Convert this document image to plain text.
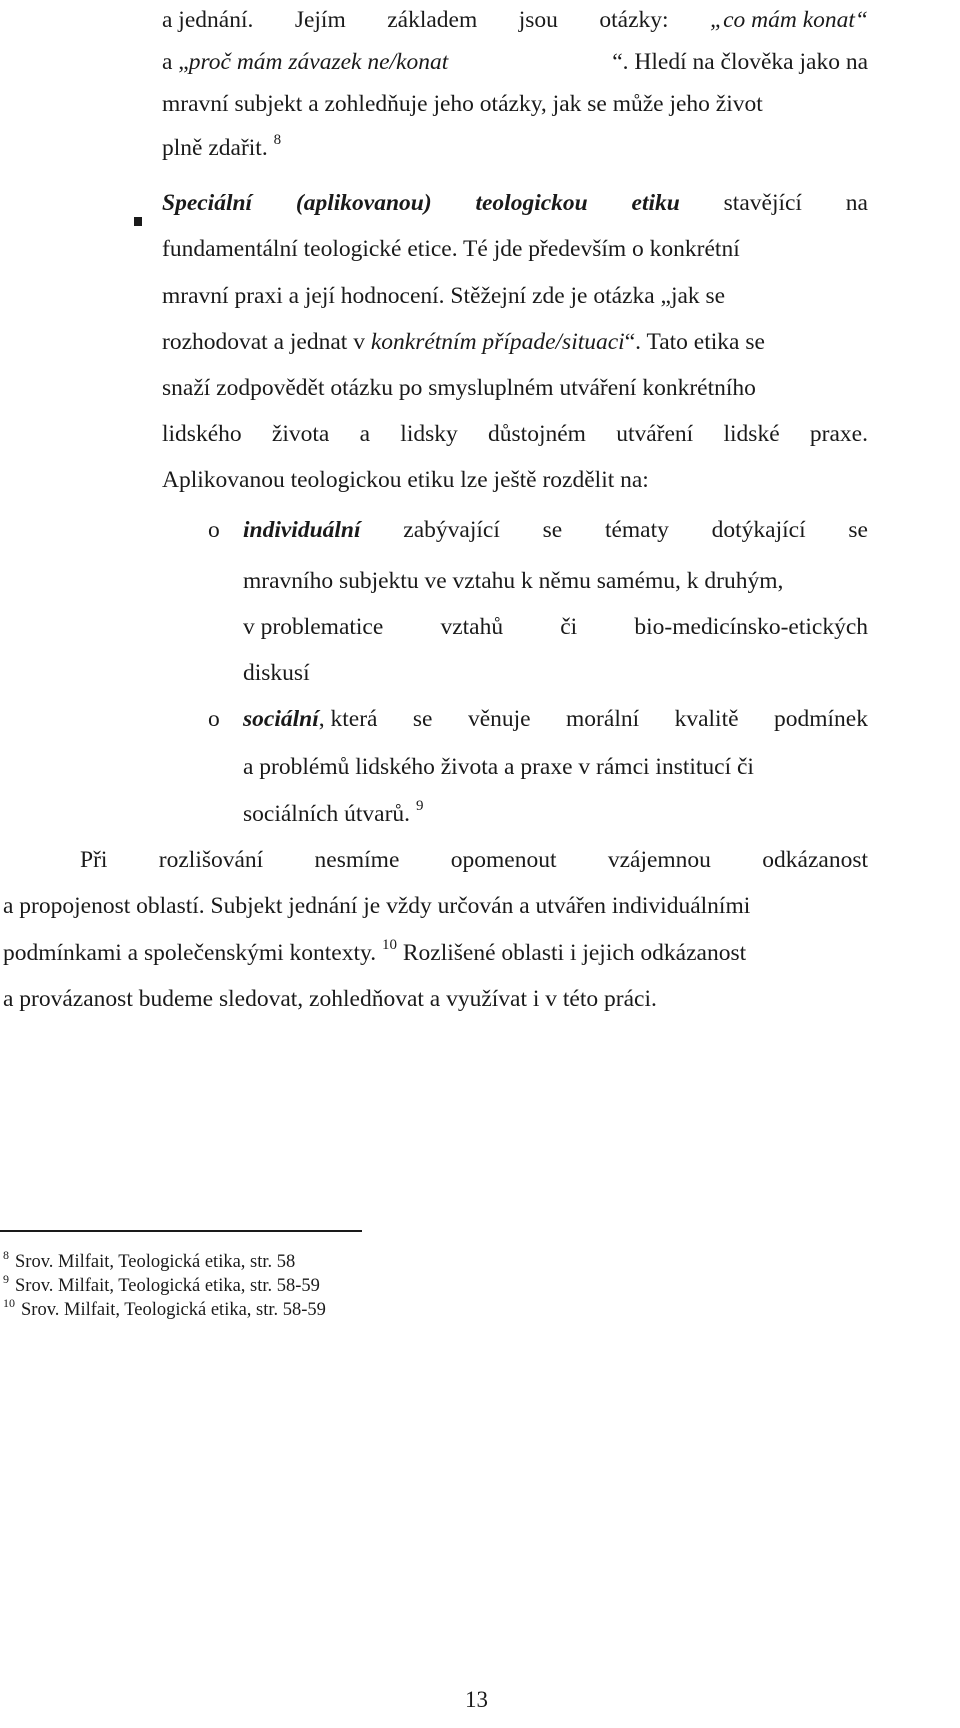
a jednání. Jejím základem jsou otázky: „co mám konat“
a „proč mám závazek ne/konat	“. Hledí na člověka jako na
mravní subjekt a zohledňuje jeho otázky, jak se může jeho život
plně zdařit. $^8$
Speciální (aplikovanou) teologickou etiku stavějící na
fundamentální teologické etice. Té jde především o konkrétní
mravní praxi a její hodnocení. Stěžejní zde je otázka „jak se
rozhodovat a jednat v konkrétním případe/situaci“. Tato etika se
snaží zodpovědět otázku po smysluplném utváření konkrétního
lidského života a lidsky důstojném utváření lidské praxe.
Aplikovanou teologickou etiku lze ještě rozdělit na:
o individuální zabývající se tématy dotýkající se
mravního subjektu ve vztahu k němu samému, k druhým,
v problematice vztahů či bio-medicínsko-etických
diskusí
o sociální, která se věnuje morální kvalitě podmínek
a problémů lidského života a praxe v rámci institucí či
sociálních útvarů. $^9$
Při rozlišování nesmíme opomenout vzájemnou odkázanost
a propojenost oblastí. Subjekt jednání je vždy určován a utvářen individuálními
podmínkami a společenskými kontexty. $^{10}$ Rozlišené oblasti i jejich odkázanost
a provázanost budeme sledovat, zohledňovat a využívat i v této práci.
$^8$ Srov. Milfait, Teologická etika, str. 58
$^9$ Srov. Milfait, Teologická etika, str. 58-59
$^{10}$ Srov. Milfait, Teologická etika, str. 58-59
13
